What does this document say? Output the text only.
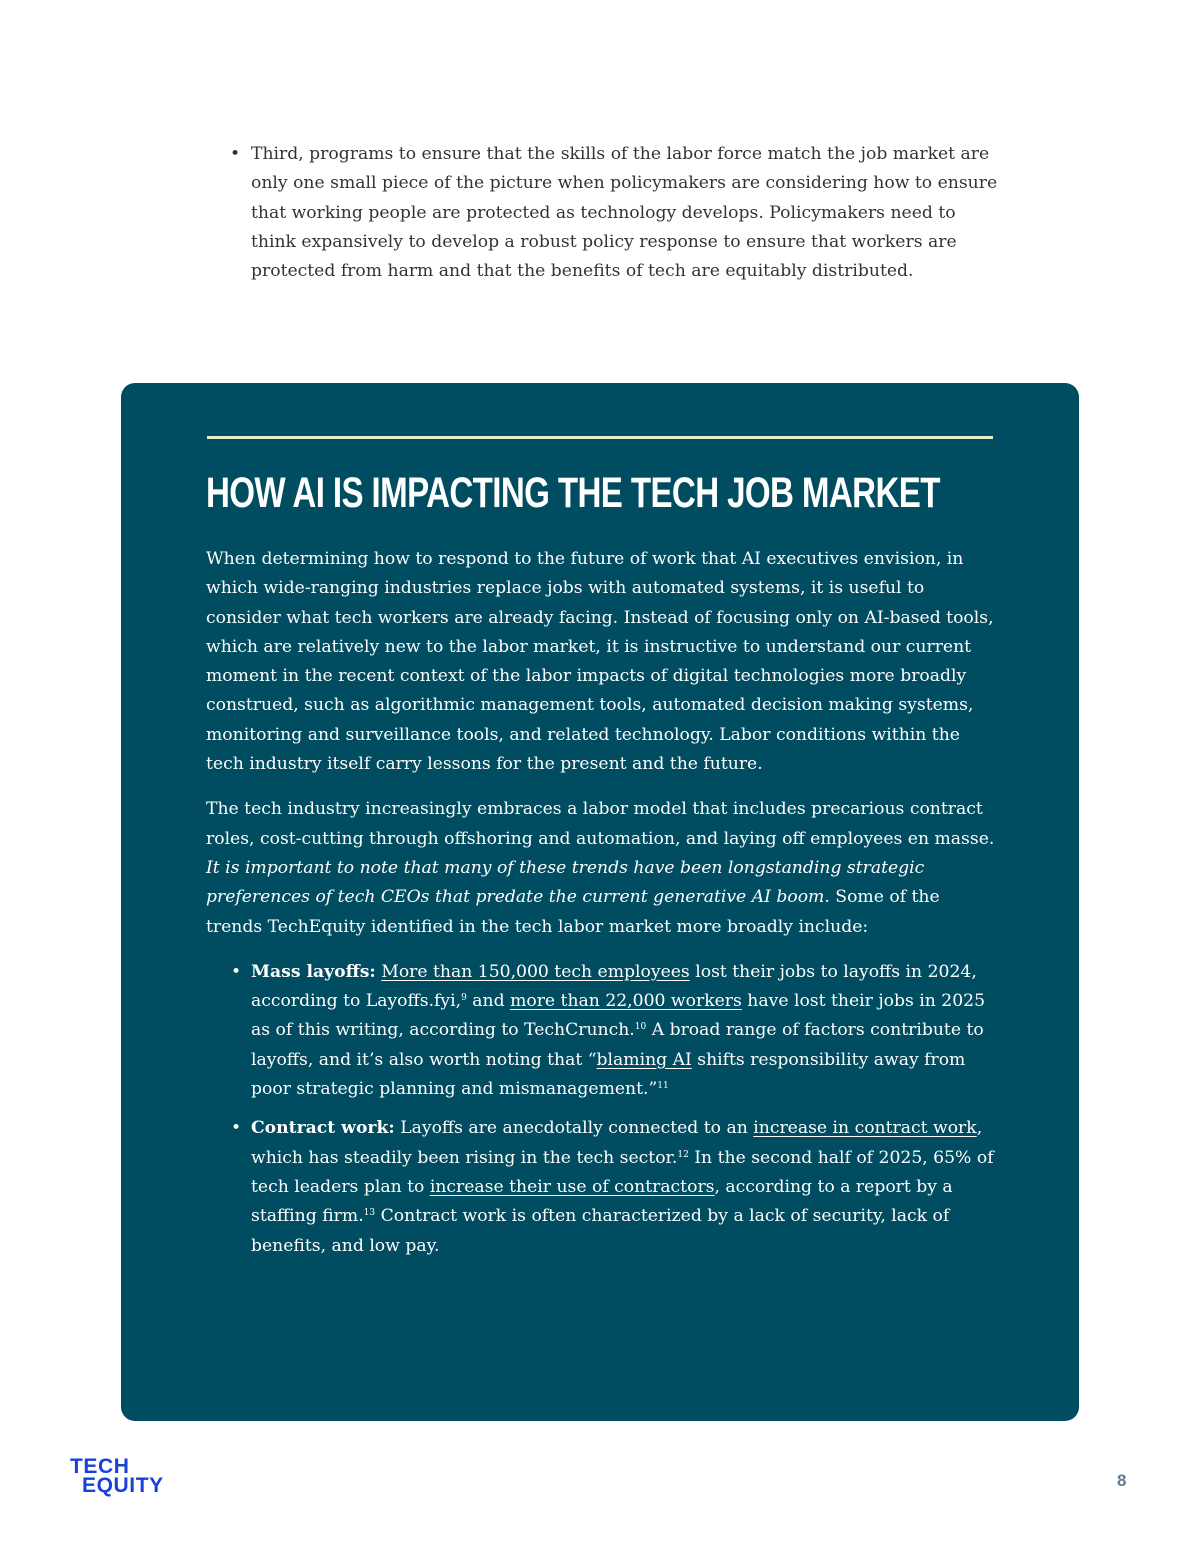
• Third, programs to ensure that the skills of the labor force match the job market are only one small piece of the picture when policymakers are considering how to ensure that working people are protected as technology develops. Policymakers need to think expansively to develop a robust policy response to ensure that workers are protected from harm and that the benefits of tech are equitably distributed.
HOW AI IS IMPACTING THE TECH JOB MARKET

When determining how to respond to the future of work that AI executives envision, in which wide-ranging industries replace jobs with automated systems, it is useful to consider what tech workers are already facing. Instead of focusing only on AI-based tools, which are relatively new to the labor market, it is instructive to understand our current moment in the recent context of the labor impacts of digital technologies more broadly construed, such as algorithmic management tools, automated decision making systems, monitoring and surveillance tools, and related technology. Labor conditions within the tech industry itself carry lessons for the present and the future.

The tech industry increasingly embraces a labor model that includes precarious contract roles, cost-cutting through offshoring and automation, and laying off employees en masse. It is important to note that many of these trends have been longstanding strategic preferences of tech CEOs that predate the current generative AI boom. Some of the trends TechEquity identified in the tech labor market more broadly include:

• Mass layoffs: More than 150,000 tech employees lost their jobs to layoffs in 2024, according to Layoffs.fyi,$^9$ and more than 22,000 workers have lost their jobs in 2025 as of this writing, according to TechCrunch.$^{10}$ A broad range of factors contribute to layoffs, and it’s also worth noting that “blaming AI shifts responsibility away from poor strategic planning and mismanagement.”$^{11}$
• Contract work: Layoffs are anecdotally connected to an increase in contract work, which has steadily been rising in the tech sector.$^{12}$ In the second half of 2025, 65% of tech leaders plan to increase their use of contractors, according to a report by a staffing firm.$^{13}$ Contract work is often characterized by a lack of security, lack of benefits, and low pay.
TECH
EQUITY	8
